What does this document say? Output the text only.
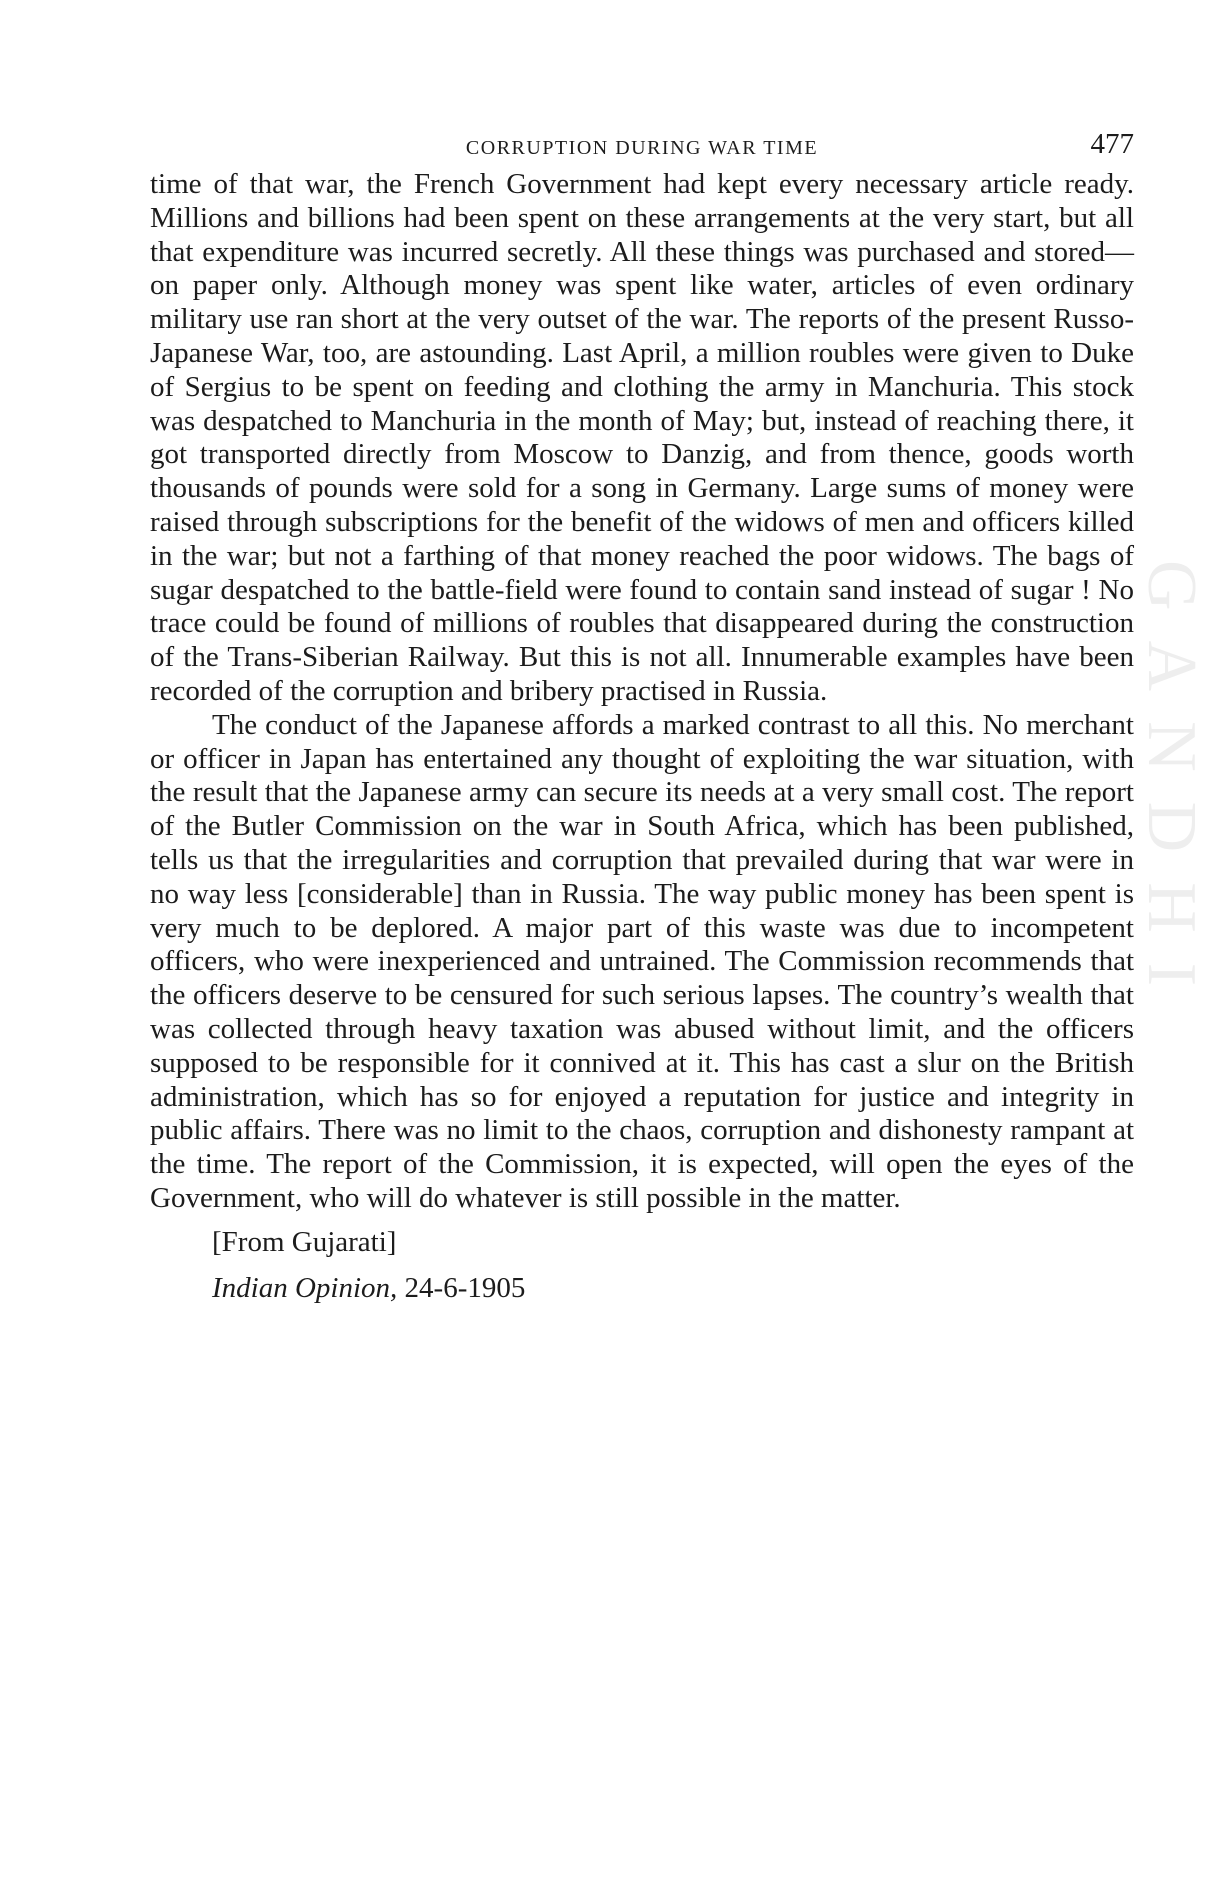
GANDHI
CORRUPTION DURING WAR TIME	477

time of that war, the French Government had kept every necessary article ready. Millions and billions had been spent on these arrangements at the very start, but all that expenditure was incurred secretly. All these things was purchased and stored—on paper only. Although money was spent like water, articles of even ordinary military use ran short at the very outset of the war. The reports of the present Russo-Japanese War, too, are astounding. Last April, a million roubles were given to Duke of Sergius to be spent on feeding and clothing the army in Manchuria. This stock was despatched to Manchuria in the month of May; but, instead of reaching there, it got transported directly from Moscow to Danzig, and from thence, goods worth thousands of pounds were sold for a song in Germany. Large sums of money were raised through subscriptions for the benefit of the widows of men and officers killed in the war; but not a farthing of that money reached the poor widows. The bags of sugar despatched to the battle-field were found to contain sand instead of sugar ! No trace could be found of millions of roubles that disappeared during the construction of the Trans-Siberian Railway. But this is not all. Innumerable examples have been recorded of the corruption and bribery practised in Russia.

The conduct of the Japanese affords a marked contrast to all this. No merchant or officer in Japan has entertained any thought of exploiting the war situation, with the result that the Japanese army can secure its needs at a very small cost. The report of the Butler Commission on the war in South Africa, which has been published, tells us that the irregularities and corruption that prevailed during that war were in no way less [considerable] than in Russia. The way public money has been spent is very much to be deplored. A major part of this waste was due to incompetent officers, who were inexperienced and untrained. The Commission recommends that the officers deserve to be censured for such serious lapses. The country’s wealth that was collected through heavy taxation was abused without limit, and the officers supposed to be responsible for it connived at it. This has cast a slur on the British administration, which has so for enjoyed a reputation for justice and integrity in public affairs. There was no limit to the chaos, corruption and dishonesty rampant at the time. The report of the Commission, it is expected, will open the eyes of the Government, who will do whatever is still possible in the matter.

[From Gujarati]
Indian Opinion, 24-6-1905
